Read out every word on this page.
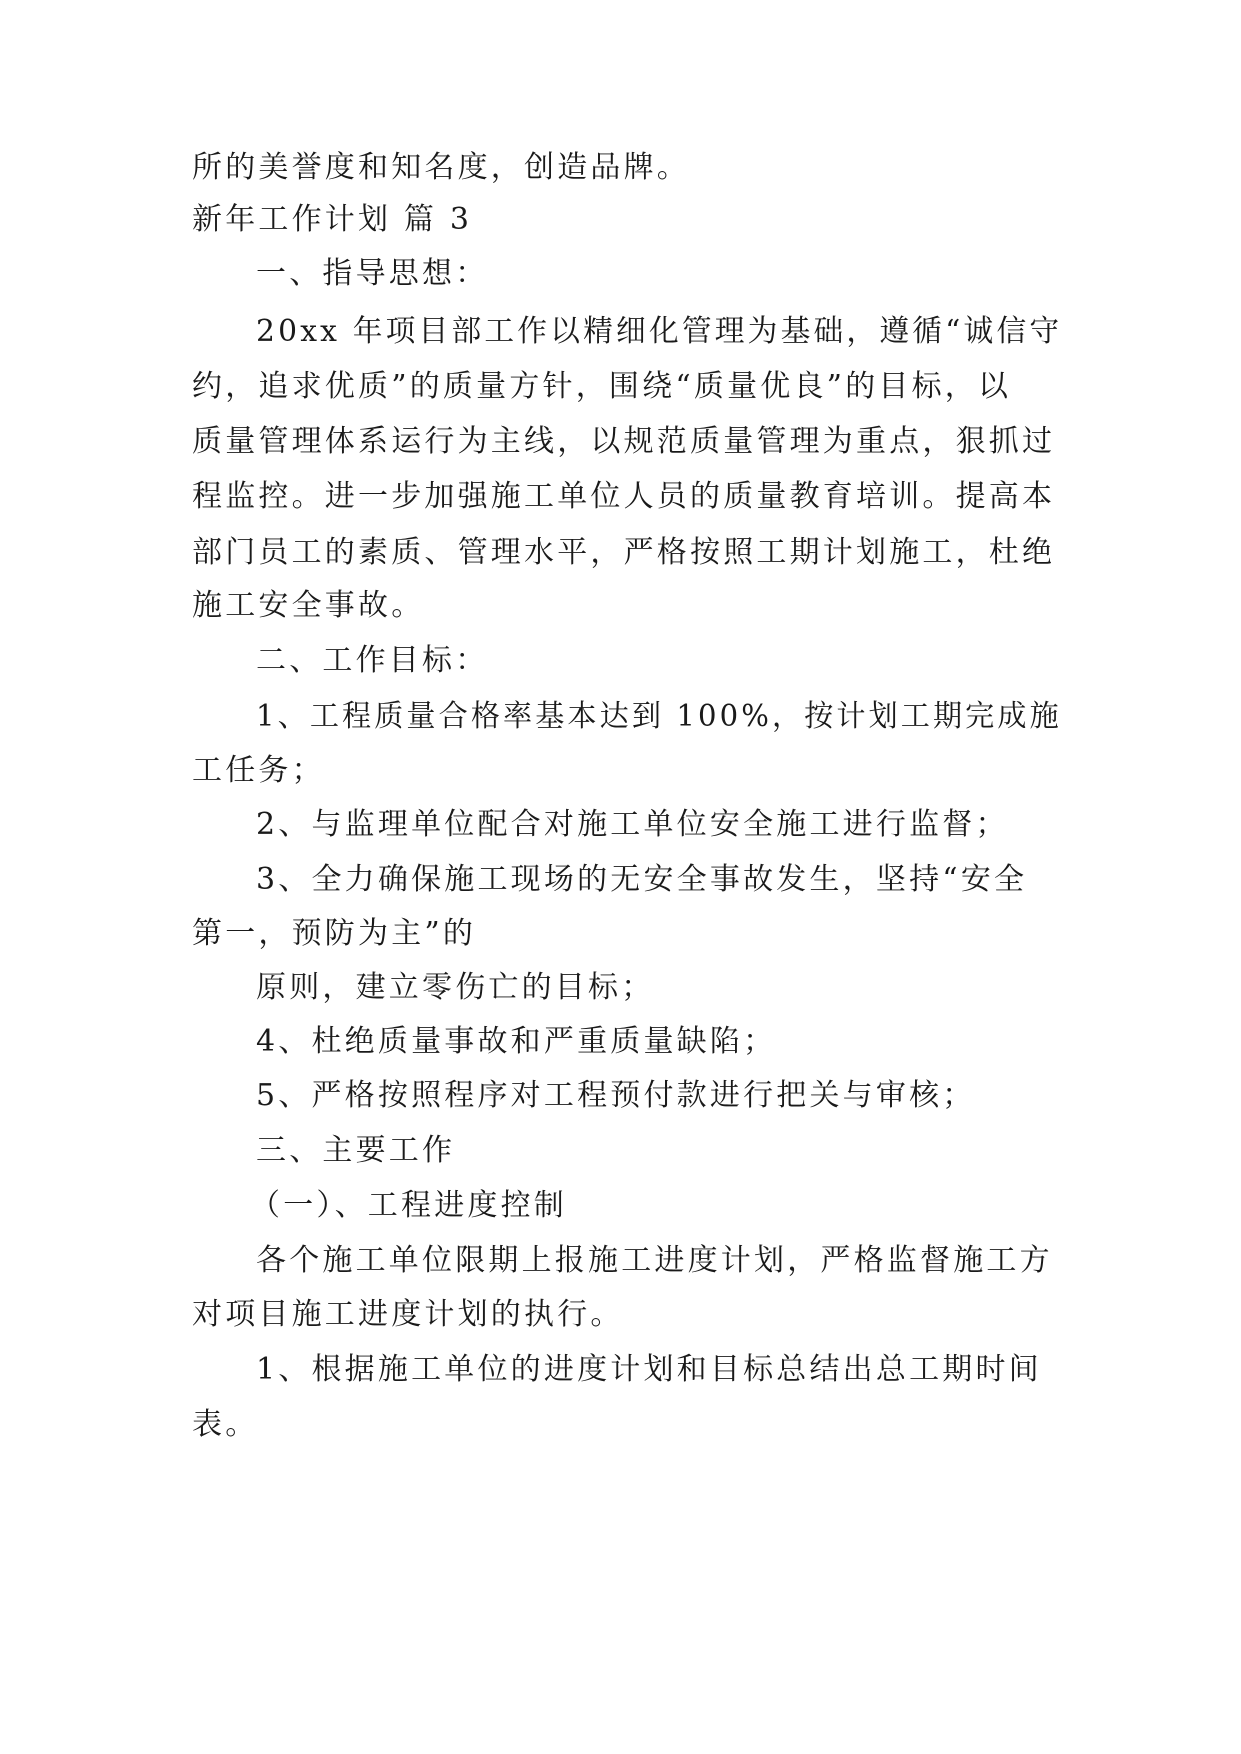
所的美誉度和知名度，创造品牌。
新年工作计划 篇 3
一、指导思想：
20xx 年项目部工作以精细化管理为基础，遵循“诚信守
约，追求优质”的质量方针，围绕“质量优良”的目标，以
质量管理体系运行为主线，以规范质量管理为重点，狠抓过
程监控。进一步加强施工单位人员的质量教育培训。提高本
部门员工的素质、管理水平，严格按照工期计划施工，杜绝
施工安全事故。
二、工作目标：
1、工程质量合格率基本达到 100%，按计划工期完成施
工任务；
2、与监理单位配合对施工单位安全施工进行监督；
3、全力确保施工现场的无安全事故发生，坚持“安全
第一，预防为主”的
原则，建立零伤亡的目标；
4、杜绝质量事故和严重质量缺陷；
5、严格按照程序对工程预付款进行把关与审核；
三、主要工作
（一）、工程进度控制
各个施工单位限期上报施工进度计划，严格监督施工方
对项目施工进度计划的执行。
1、根据施工单位的进度计划和目标总结出总工期时间
表。
